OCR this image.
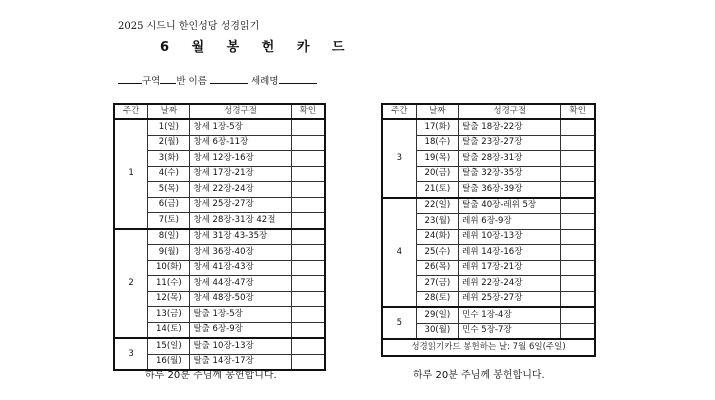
2025 시드니 한인성당 성경읽기
6 월 봉 헌 카 드
구역 반 이름	세례명
주간	날짜	성경구절	확인
1	1(일)	창세 1장-5장	
	2(월)	창세 6장-11장	
	3(화)	창세 12장-16장	
	4(수)	창세 17장-21장	
	5(목)	창세 22장-24장	
	6(금)	창세 25장-27장	
	7(토)	창세 28장-31장 42절	
2	8(일)	창세 31장 43-35장	
	9(월)	창세 36장-40장	
	10(화)	창세 41장-43장	
	11(수)	창세 44장-47장	
	12(목)	창세 48장-50장	
	13(금)	탈출 1장-5장	
	14(토)	탈출 6장-9장	
3	15(일)	탈출 10장-13장	
	16(월)	탈출 14장-17장	
주간	날짜	성경구절	확인
3	17(화)	탈출 18장-22장	
	18(수)	탈출 23장-27장	
	19(목)	탈출 28장-31장	
	20(금)	탈출 32장-35장	
	21(토)	탈출 36장-39장	
4	22(일)	탈출 40장-레위 5장	
	23(월)	레위 6장-9장	
	24(화)	레위 10장-13장	
	25(수)	레위 14장-16장	
	26(목)	레위 17장-21장	
	27(금)	레위 22장-24장	
	28(토)	레위 25장-27장	
5	29(일)	민수 1장-4장	
	30(월)	민수 5장-7장	
성경읽기카드 봉헌하는 날: 7월 6일(주일)			
하루 20분 주님께 봉헌합니다.	하루 20분 주님께 봉헌합니다.
